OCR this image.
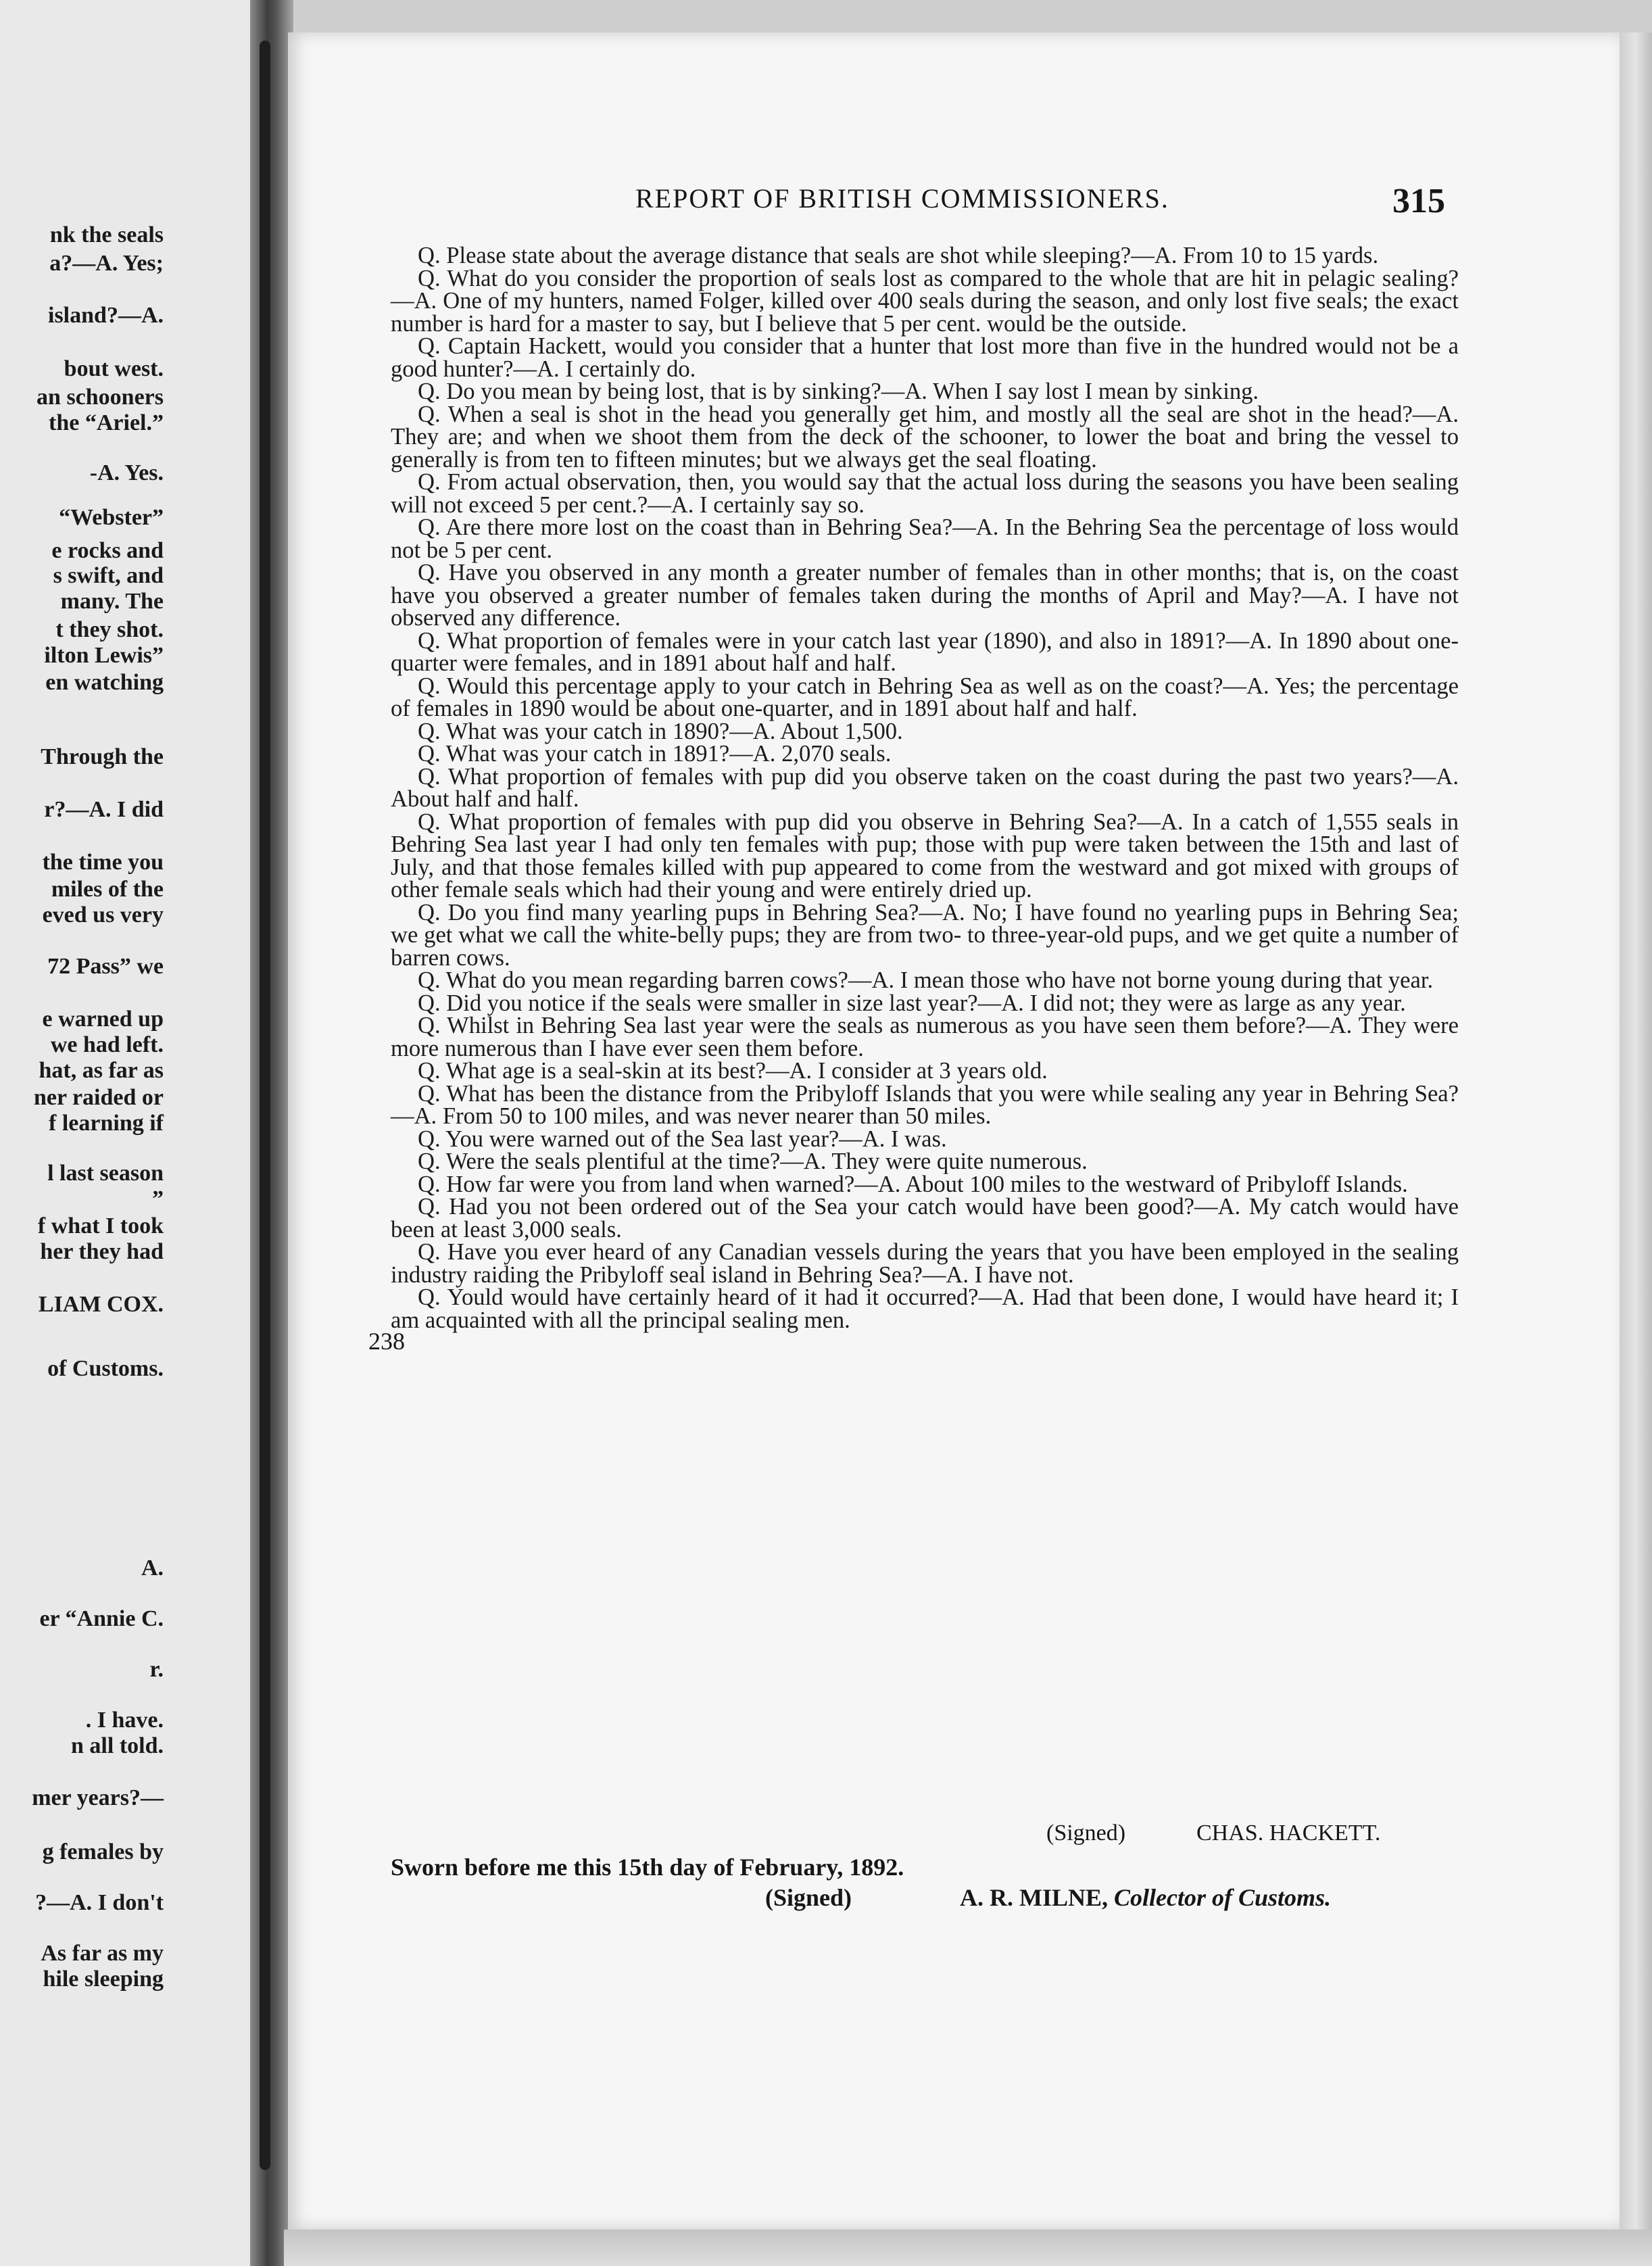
nk the seals
a?—A. Yes;
island?—A.
bout west.
an schooners
the “Ariel.”
-A. Yes.
“Webster”
e rocks and
s swift, and
many. The
t they shot.
ilton Lewis”
en watching
Through the
r?—A. I did
the time you
miles of the
eved us very
72 Pass” we
e warned up
we had left.
hat, as far as
ner raided or
f learning if
l last season
”
f what I took
her they had
LIAM COX.
of Customs.
A.
er “Annie C.
r.
. I have.
n all told.
mer years?—
g females by
?—A. I don't
As far as my
hile sleeping
REPORT OF BRITISH COMMISSIONERS.	315

Q. Please state about the average distance that seals are shot while sleeping?—A. From 10 to 15 yards.

Q. What do you consider the proportion of seals lost as compared to the whole that are hit in pelagic sealing?—A. One of my hunters, named Folger, killed over 400 seals during the season, and only lost five seals; the exact number is hard for a master to say, but I believe that 5 per cent. would be the outside.

Q. Captain Hackett, would you consider that a hunter that lost more than five in the hundred would not be a good hunter?—A. I certainly do.

Q. Do you mean by being lost, that is by sinking?—A. When I say lost I mean by sinking.

Q. When a seal is shot in the head you generally get him, and mostly all the seal are shot in the head?—A. They are; and when we shoot them from the deck of the schooner, to lower the boat and bring the vessel to generally is from ten to fifteen minutes; but we always get the seal floating.

Q. From actual observation, then, you would say that the actual loss during the seasons you have been sealing will not exceed 5 per cent.?—A. I certainly say so.

Q. Are there more lost on the coast than in Behring Sea?—A. In the Behring Sea the percentage of loss would not be 5 per cent.

Q. Have you observed in any month a greater number of females than in other months; that is, on the coast have you observed a greater number of females taken during the months of April and May?—A. I have not observed any difference.

Q. What proportion of females were in your catch last year (1890), and also in 1891?—A. In 1890 about one-quarter were females, and in 1891 about half and half.

Q. Would this percentage apply to your catch in Behring Sea as well as on the coast?—A. Yes; the percentage of females in 1890 would be about one-quarter, and in 1891 about half and half.

Q. What was your catch in 1890?—A. About 1,500.

Q. What was your catch in 1891?—A. 2,070 seals.

Q. What proportion of females with pup did you observe taken on the coast during the past two years?—A. About half and half.

Q. What proportion of females with pup did you observe in Behring Sea?—A. In a catch of 1,555 seals in Behring Sea last year I had only ten females with pup; those with pup were taken between the 15th and last of July, and that those females killed with pup appeared to come from the westward and got mixed with groups of other female seals which had their young and were entirely dried up.

Q. Do you find many yearling pups in Behring Sea?—A. No; I have found no yearling pups in Behring Sea; we get what we call the white-belly pups; they are from two- to three-year-old pups, and we get quite a number of barren cows.

Q. What do you mean regarding barren cows?—A. I mean those who have not borne young during that year.

Q. Did you notice if the seals were smaller in size last year?—A. I did not; they were as large as any year.

Q. Whilst in Behring Sea last year were the seals as numerous as you have seen them before?—A. They were more numerous than I have ever seen them before.

Q. What age is a seal-skin at its best?—A. I consider at 3 years old.

Q. What has been the distance from the Pribyloff Islands that you were while sealing any year in Behring Sea?—A. From 50 to 100 miles, and was never nearer than 50 miles.

Q. You were warned out of the Sea last year?—A. I was.

Q. Were the seals plentiful at the time?—A. They were quite numerous.

Q. How far were you from land when warned?—A. About 100 miles to the westward of Pribyloff Islands.

Q. Had you not been ordered out of the Sea your catch would have been good?—A. My catch would have been at least 3,000 seals.

Q. Have you ever heard of any Canadian vessels during the years that you have been employed in the sealing industry raiding the Pribyloff seal island in Behring Sea?—A. I have not.

Q. Yould would have certainly heard of it had it occurred?—A. Had that been done, I would have heard it; I am acquainted with all the principal sealing men.

238
(Signed)	CHAS. HACKETT.
Sworn before me this 15th day of February, 1892.
(Signed)	A. R. MILNE, Collector of Customs.
